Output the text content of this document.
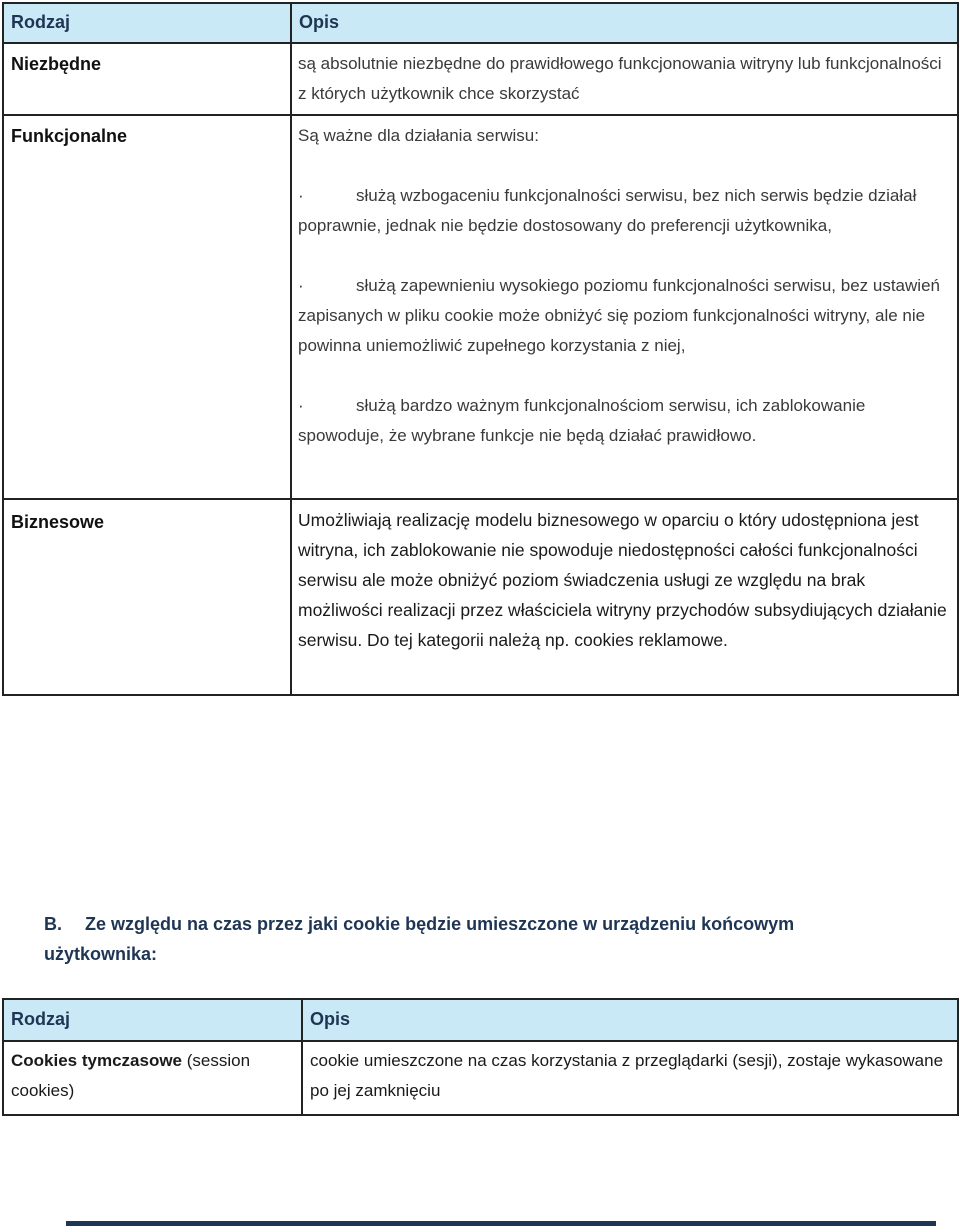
Rodzaj	Opis
Niezbędne	są absolutnie niezbędne do prawidłowego funkcjonowania witryny lub funkcjonalności z których użytkownik chce skorzystać
Funkcjonalne	Są ważne dla działania serwisu:
· służą wzbogaceniu funkcjonalności serwisu, bez nich serwis będzie działał poprawnie, jednak nie będzie dostosowany do preferencji użytkownika,
· służą zapewnieniu wysokiego poziomu funkcjonalności serwisu, bez ustawień zapisanych w pliku cookie może obniżyć się poziom funkcjonalności witryny, ale nie powinna uniemożliwić zupełnego korzystania z niej,
· służą bardzo ważnym funkcjonalnościom serwisu, ich zablokowanie spowoduje, że wybrane funkcje nie będą działać prawidłowo.

Biznesowe	Umożliwiają realizację modelu biznesowego w oparciu o który udostępniona jest witryna, ich zablokowanie nie spowoduje niedostępności całości funkcjonalności serwisu ale może obniżyć poziom świadczenia usługi ze względu na brak możliwości realizacji przez właściciela witryny przychodów subsydiujących działanie serwisu. Do tej kategorii należą np. cookies reklamowe.
B. Ze względu na czas przez jaki cookie będzie umieszczone w urządzeniu końcowym użytkownika:
Rodzaj	Opis
Cookies tymczasowe (session cookies)	cookie umieszczone na czas korzystania z przeglądarki (sesji), zostaje wykasowane po jej zamknięciu
